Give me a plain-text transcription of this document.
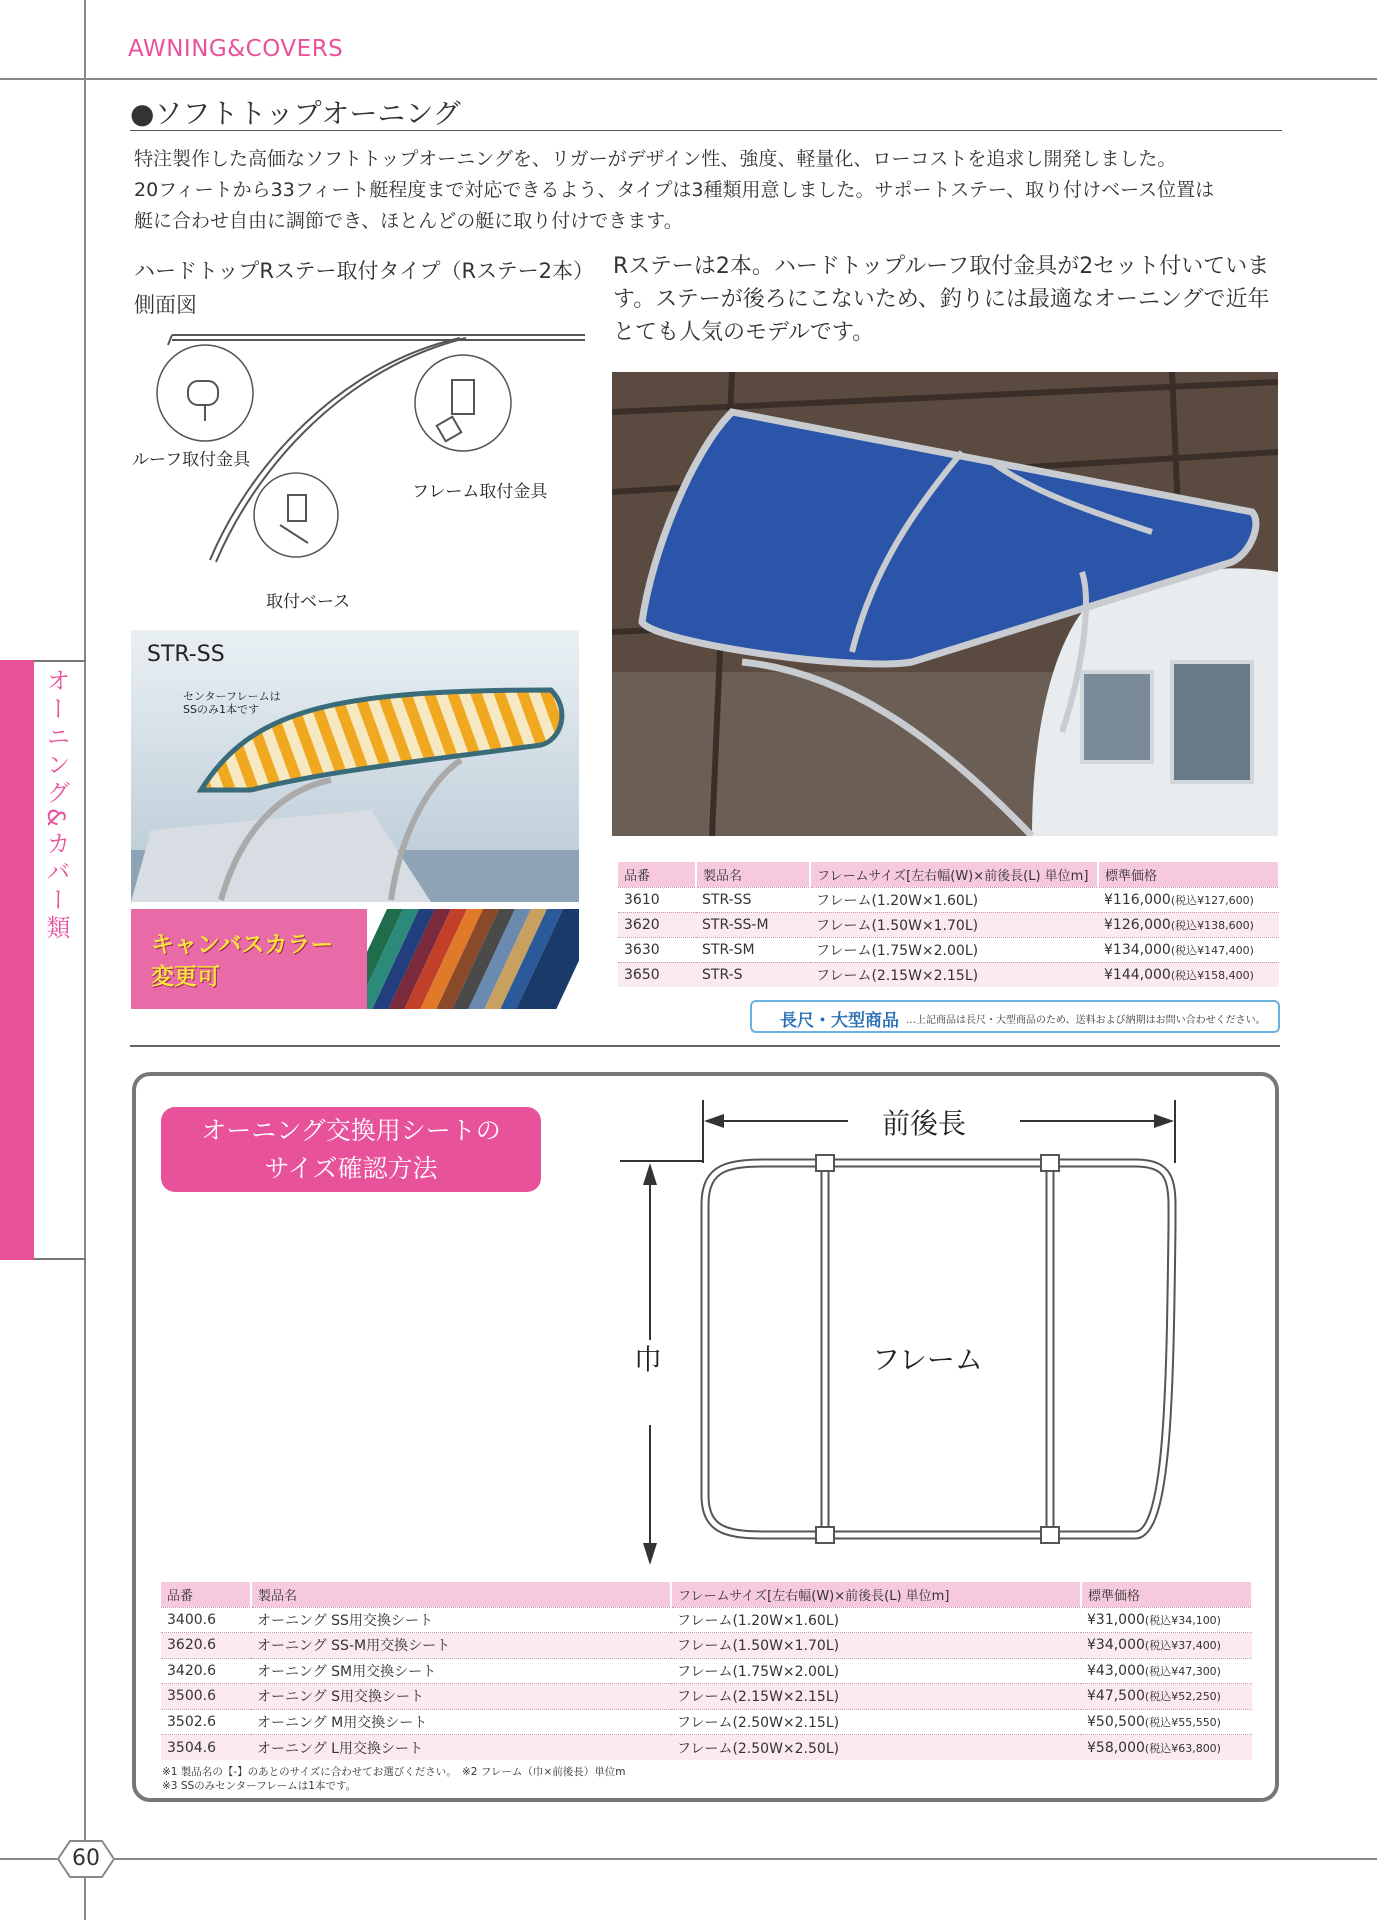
AWNING&COVERS
オーニング&カバー類
●ソフトトップオーニング

特注製作した高価なソフトトップオーニングを、リガーがデザイン性、強度、軽量化、ローコストを追求し開発しました。

20フィートから33フィート艇程度まで対応できるよう、タイプは3種類用意しました。サポートステー、取り付けベース位置は

艇に合わせ自由に調節でき、ほとんどの艇に取り付けできます。

ハードトップRステー取付タイプ（Rステー2本）
側面図
Rステーは2本。ハードトップルーフ取付金具が2セット付いています。ステーが後ろにこないため、釣りには最適なオーニングで近年とても人気のモデルです。
ルーフ取付金具
フレーム取付金具
取付ベース
STR-SS
センターフレームは
SSのみ1本です
キャンバスカラー
変更可
品番	製品名	フレームサイズ[左右幅(W)×前後長(L) 単位m]	標準価格
3610	STR-SS	フレーム(1.20W×1.60L)	¥116,000(税込¥127,600)
3620	STR-SS-M	フレーム(1.50W×1.70L)	¥126,000(税込¥138,600)
3630	STR-SM	フレーム(1.75W×2.00L)	¥134,000(税込¥147,400)
3650	STR-S	フレーム(2.15W×2.15L)	¥144,000(税込¥158,400)
長尺・大型商品 …上記商品は長尺・大型商品のため、送料および納期はお問い合わせください。
オーニング交換用シートの
サイズ確認方法
前後長
巾	フレーム
品番	製品名	フレームサイズ[左右幅(W)×前後長(L) 単位m]	標準価格
3400.6	オーニング SS用交換シート	フレーム(1.20W×1.60L)	¥31,000(税込¥34,100)
3620.6	オーニング SS-M用交換シート	フレーム(1.50W×1.70L)	¥34,000(税込¥37,400)
3420.6	オーニング SM用交換シート	フレーム(1.75W×2.00L)	¥43,000(税込¥47,300)
3500.6	オーニング S用交換シート	フレーム(2.15W×2.15L)	¥47,500(税込¥52,250)
3502.6	オーニング M用交換シート	フレーム(2.50W×2.15L)	¥50,500(税込¥55,550)
3504.6	オーニング L用交換シート	フレーム(2.50W×2.50L)	¥58,000(税込¥63,800)
※1 製品名の【-】のあとのサイズに合わせてお選びください。　※2 フレーム（巾×前後長）単位m
※3 SSのみセンターフレームは1本です。
60
